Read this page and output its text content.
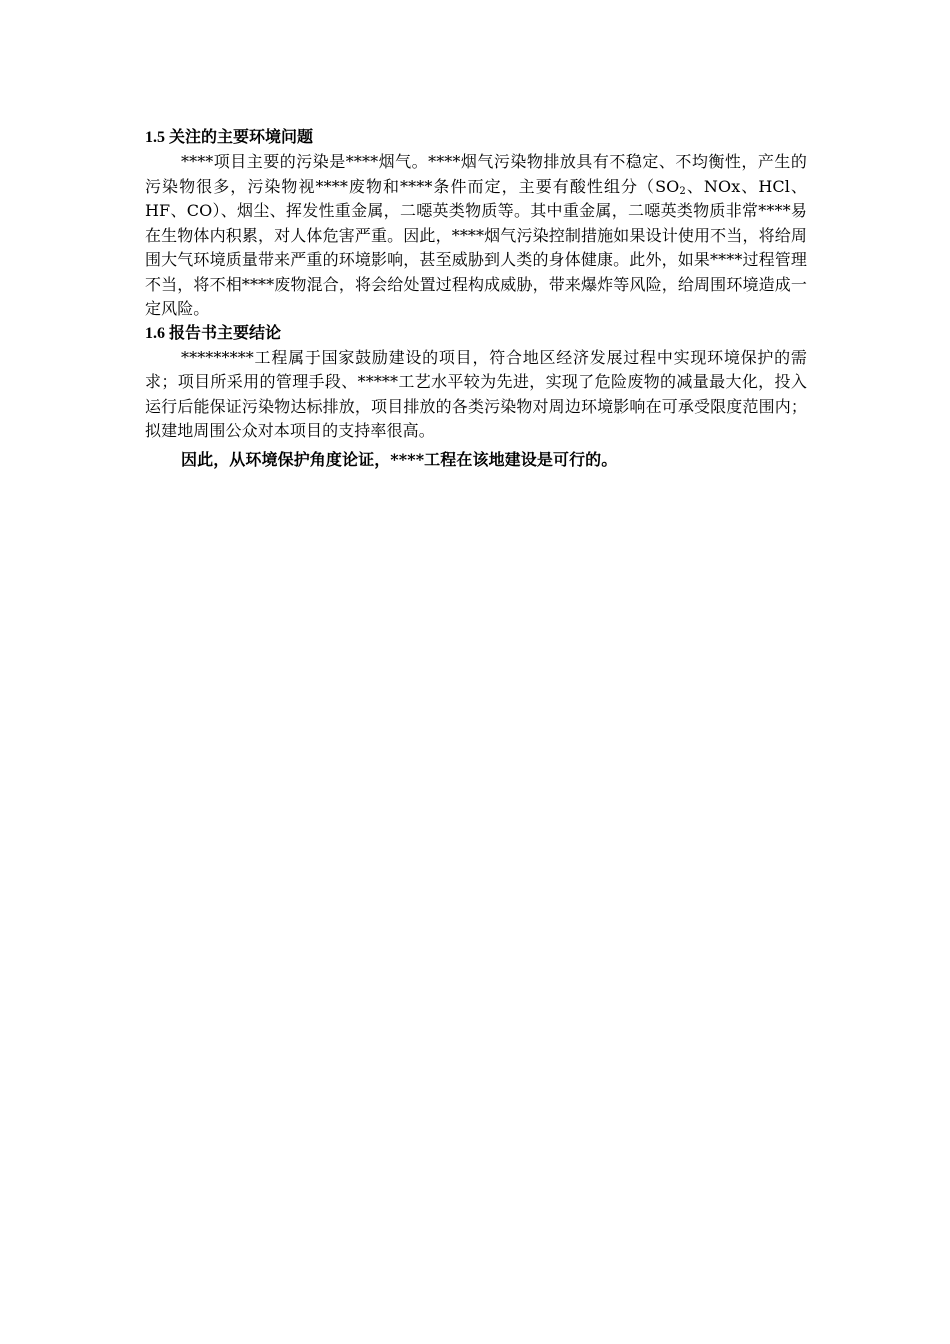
1.5 关注的主要环境问题

****项目主要的污染是****烟气。****烟气污染物排放具有不稳定、不均衡性，产生的污染物很多，污染物视****废物和****条件而定，主要有酸性组分（$SO_2$、NOx、HCl、HF、CO）、烟尘、挥发性重金属，二噁英类物质等。其中重金属，二噁英类物质非常****易在生物体内积累，对人体危害严重。因此，****烟气污染控制措施如果设计使用不当，将给周围大气环境质量带来严重的环境影响，甚至威胁到人类的身体健康。此外，如果****过程管理不当，将不相****废物混合，将会给处置过程构成威胁，带来爆炸等风险，给周围环境造成一定风险。

1.6 报告书主要结论

*********工程属于国家鼓励建设的项目，符合地区经济发展过程中实现环境保护的需求；项目所采用的管理手段、*****工艺水平较为先进，实现了危险废物的减量最大化，投入运行后能保证污染物达标排放，项目排放的各类污染物对周边环境影响在可承受限度范围内；拟建地周围公众对本项目的支持率很高。

因此，从环境保护角度论证，****工程在该地建设是可行的。
